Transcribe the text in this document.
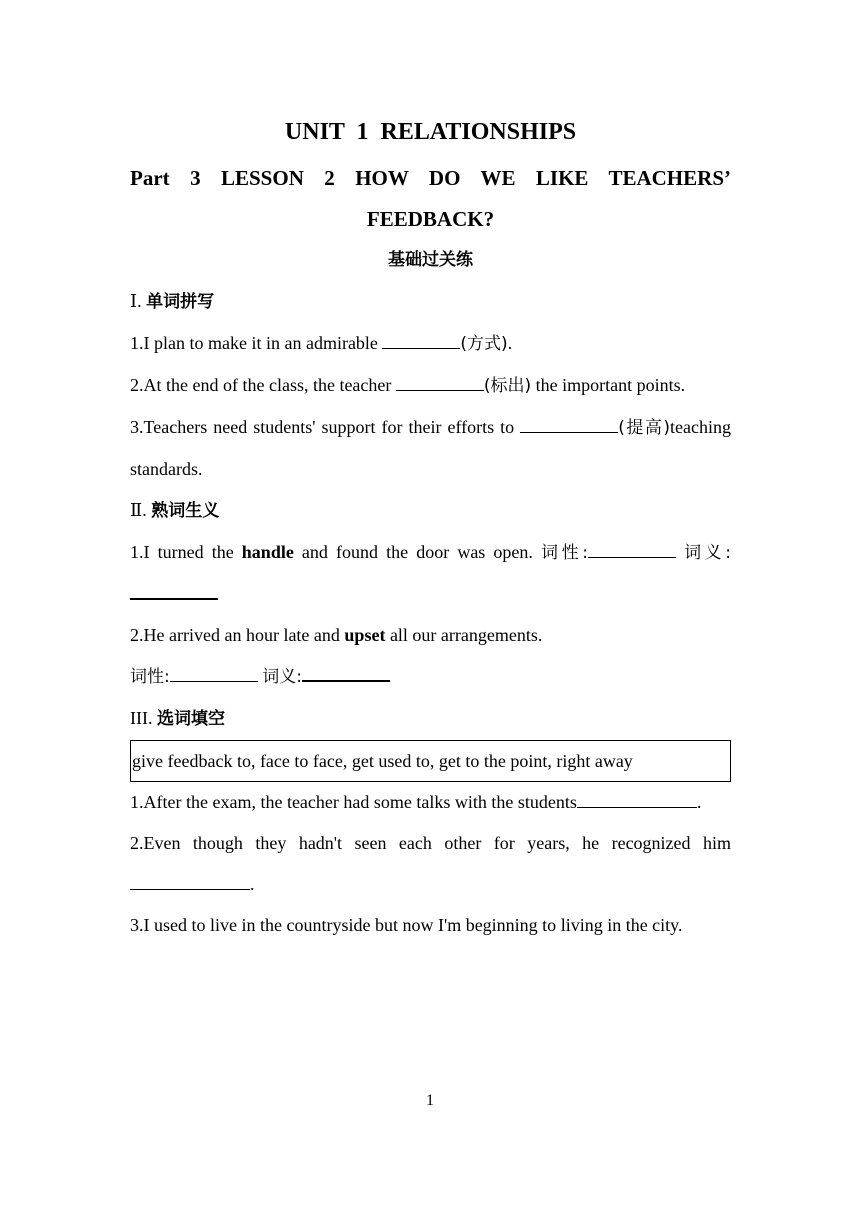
UNIT 1 RELATIONSHIPS
Part 3 LESSON 2 HOW DO WE LIKE TEACHERS’
FEEDBACK?
基础过关练
Ⅰ. 单词拼写

1.I plan to make it in an admirable	(方式).

2.At the end of the class, the teacher	(标出) the important points.

3.Teachers need students' support for their efforts to	(提高)teaching standards.

Ⅱ. 熟词生义

1.I turned the handle and found the door was open. 词性:	词义:

2.He arrived an hour late and upset all our arrangements.

词性:	词义:

III. 选词填空
give feedback to, face to face, get used to, get to the point, right away

1.After the exam, the teacher had some talks with the students	.

2.Even though they hadn't seen each other for years, he recognized him .

3.I used to live in the countryside but now I'm beginning to living in the city.

1
